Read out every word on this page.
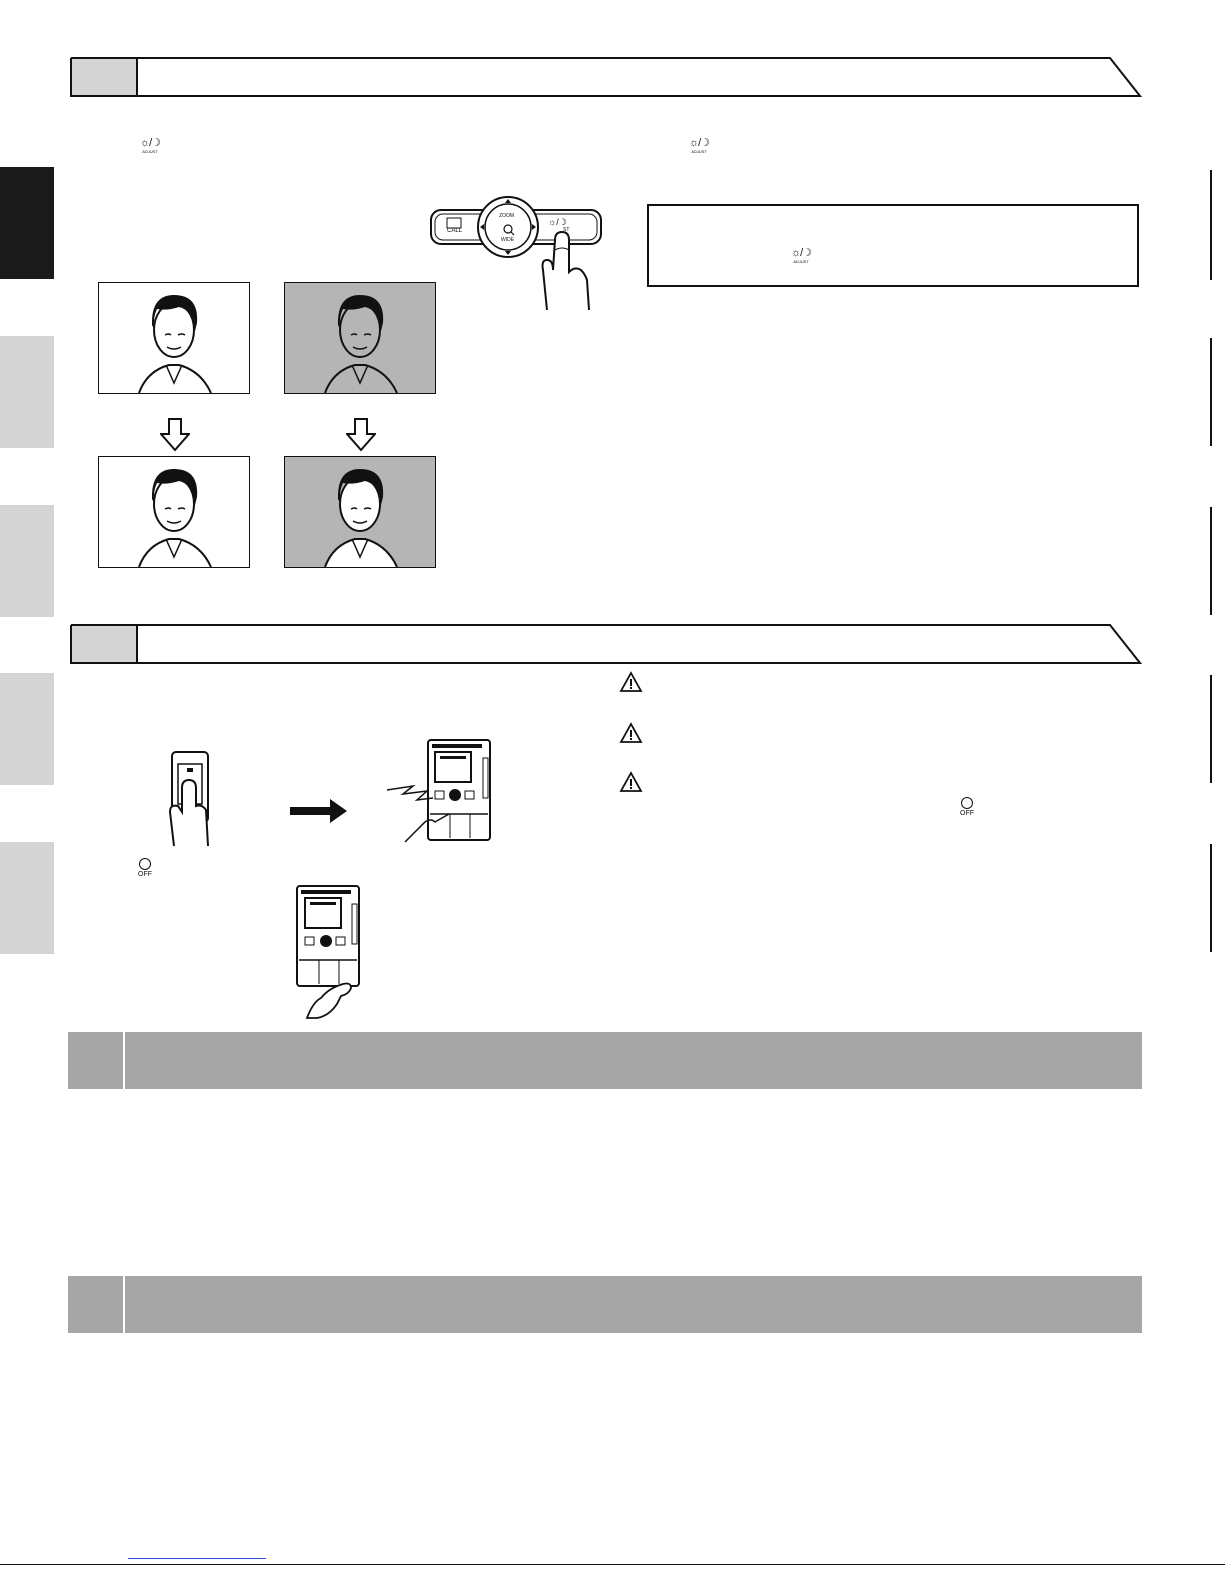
☼/☽
ADJUST
☼/☽
ADJUST
CALL
ZOOM
WIDE
ST
☼/☽
☼/☽
ADJUST
OFF
OFF
